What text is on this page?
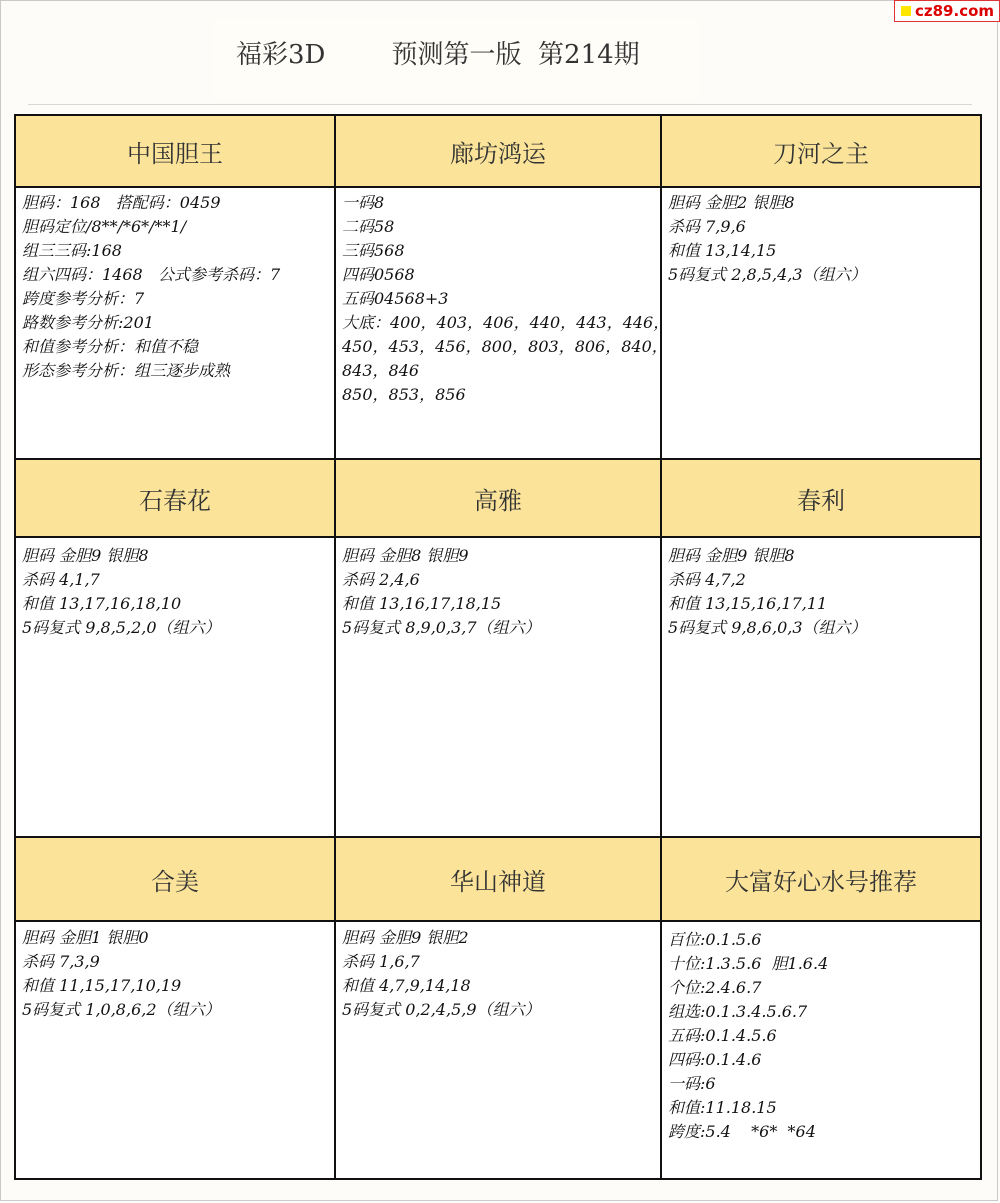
cz89.com
福彩3D        预测第一版  第214期
中国胆王
胆码：168   搭配码：0459
胆码定位/8**/*6*/**1/
组三三码:168
组六四码：1468   公式参考杀码：7
跨度参考分析：7
路数参考分析:201
和值参考分析：和值不稳
形态参考分析：组三逐步成熟
廊坊鸿运
一码8
二码58
三码568
四码0568
五码04568+3
大底：400，403，406，440，443，446，
450，453，456，800，803，806，840，
843，846
850，853，856
刀河之主
胆码 金胆2 银胆8
杀码 7,9,6
和值 13,14,15
5码复式 2,8,5,4,3（组六）
石春花
胆码 金胆9 银胆8
杀码 4,1,7
和值 13,17,16,18,10
5码复式 9,8,5,2,0（组六）
高雅
胆码 金胆8 银胆9
杀码 2,4,6
和值 13,16,17,18,15
5码复式 8,9,0,3,7（组六）
春利
胆码 金胆9 银胆8
杀码 4,7,2
和值 13,15,16,17,11
5码复式 9,8,6,0,3（组六）
合美
胆码 金胆1 银胆0
杀码 7,3,9
和值 11,15,17,10,19
5码复式 1,0,8,6,2（组六）
华山神道
胆码 金胆9 银胆2
杀码 1,6,7
和值 4,7,9,14,18
5码复式 0,2,4,5,9（组六）
大富好心水号推荐
百位:0.1.5.6
十位:1.3.5.6  胆1.6.4
个位:2.4.6.7
组选:0.1.3.4.5.6.7
五码:0.1.4.5.6
四码:0.1.4.6
一码:6
和值:11.18.15
跨度:5.4    *6*  *64
